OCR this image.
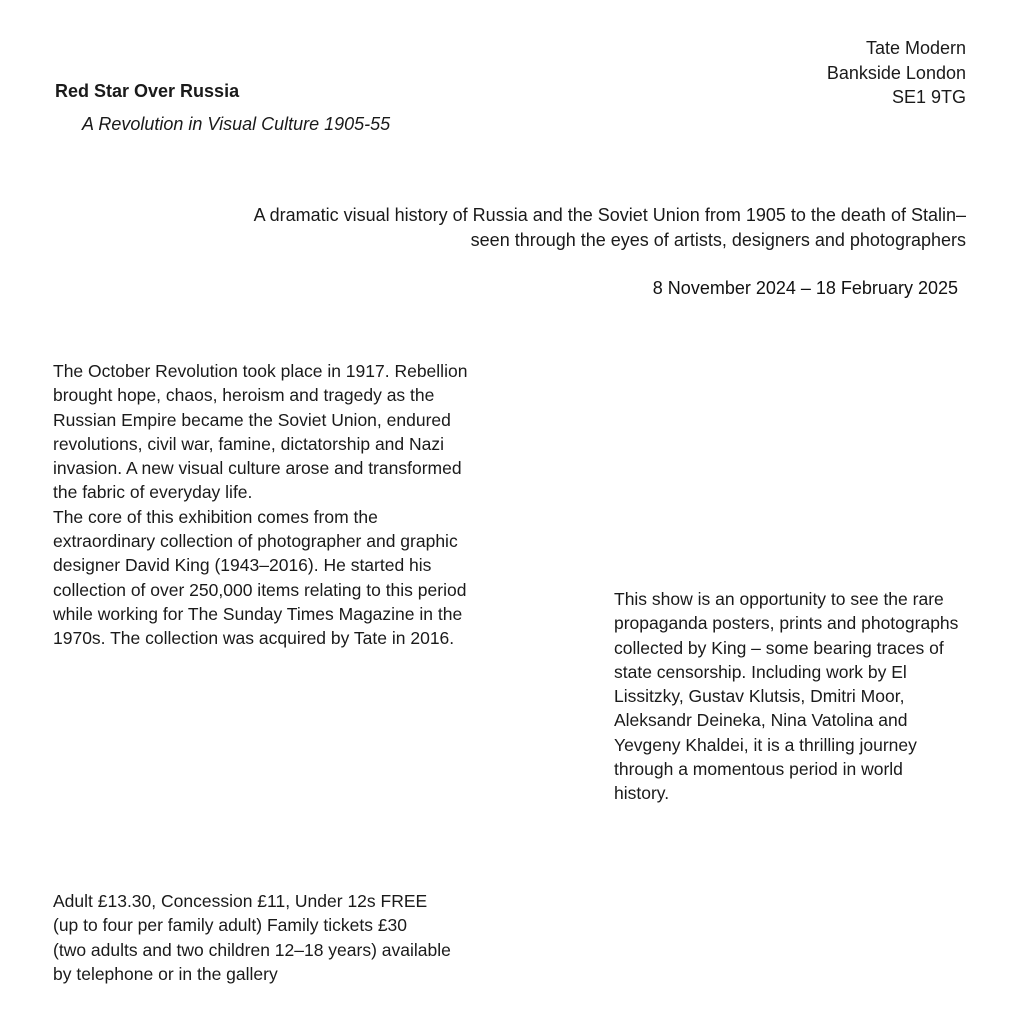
Red Star Over Russia
A Revolution in Visual Culture 1905-55
Tate Modern
Bankside London
SE1 9TG
A dramatic visual history of Russia and the Soviet Union from 1905 to the death of Stalin–
seen through the eyes of artists, designers and photographers
8 November 2024 – 18 February 2025

The October Revolution took place in 1917. Rebellion brought hope, chaos, heroism and tragedy as the Russian Empire became the Soviet Union, endured revolutions, civil war, famine, dictatorship and Nazi invasion. A new visual culture arose and transformed the fabric of everyday life.

The core of this exhibition comes from the extraordinary collection of photographer and graphic designer David King (1943–2016). He started his collection of over 250,000 items relating to this period while working for The Sunday Times Magazine in the 1970s. The collection was acquired by Tate in 2016.

This show is an opportunity to see the rare propaganda posters, prints and photographs collected by King – some bearing traces of state censorship. Including work by El Lissitzky, Gustav Klutsis, Dmitri Moor, Aleksandr Deineka, Nina Vatolina and Yevgeny Khaldei, it is a thrilling journey through a momentous period in world history.

Adult £13.30, Concession £11, Under 12s FREE
(up to four per family adult) Family tickets £30
(two adults and two children 12–18 years) available
by telephone or in the gallery
